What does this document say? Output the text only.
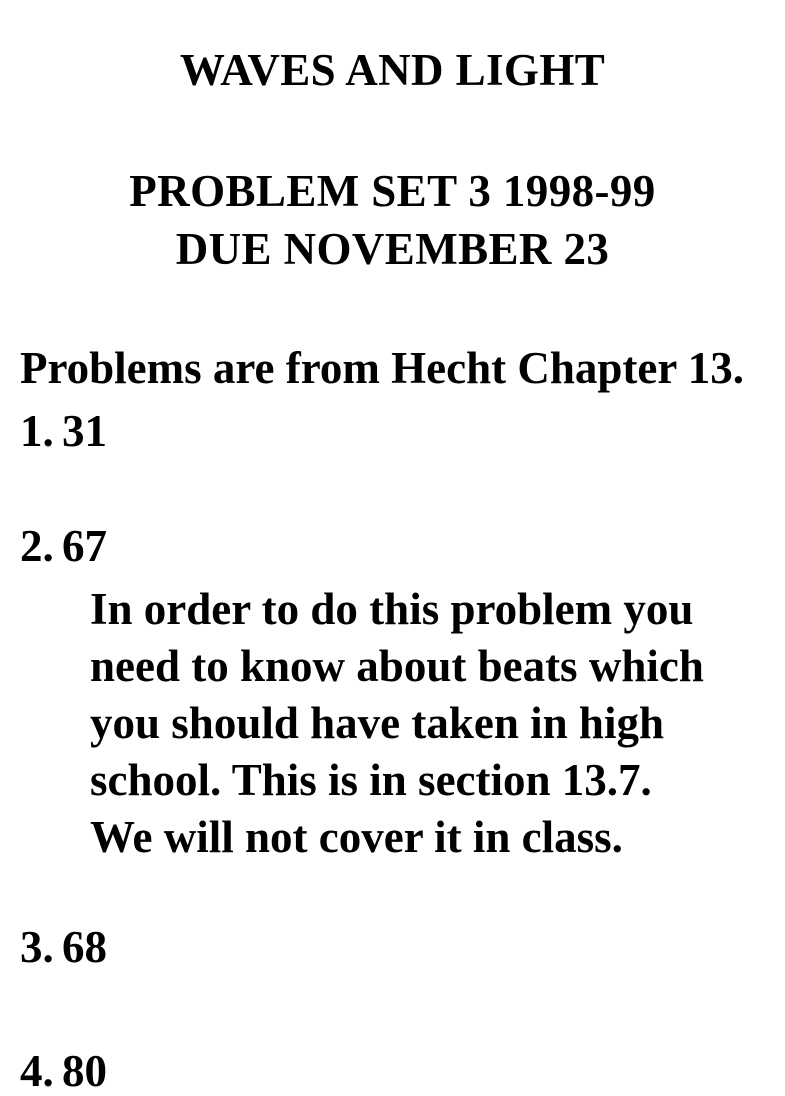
WAVES AND LIGHT
PROBLEM SET 3 1998-99
DUE NOVEMBER 23

Problems are from Hecht Chapter 13.

1. 31
2. 67
In order to do this problem you
need to know about beats which
you should have taken in high
school. This is in section 13.7.
We will not cover it in class.
3. 68
4. 80
